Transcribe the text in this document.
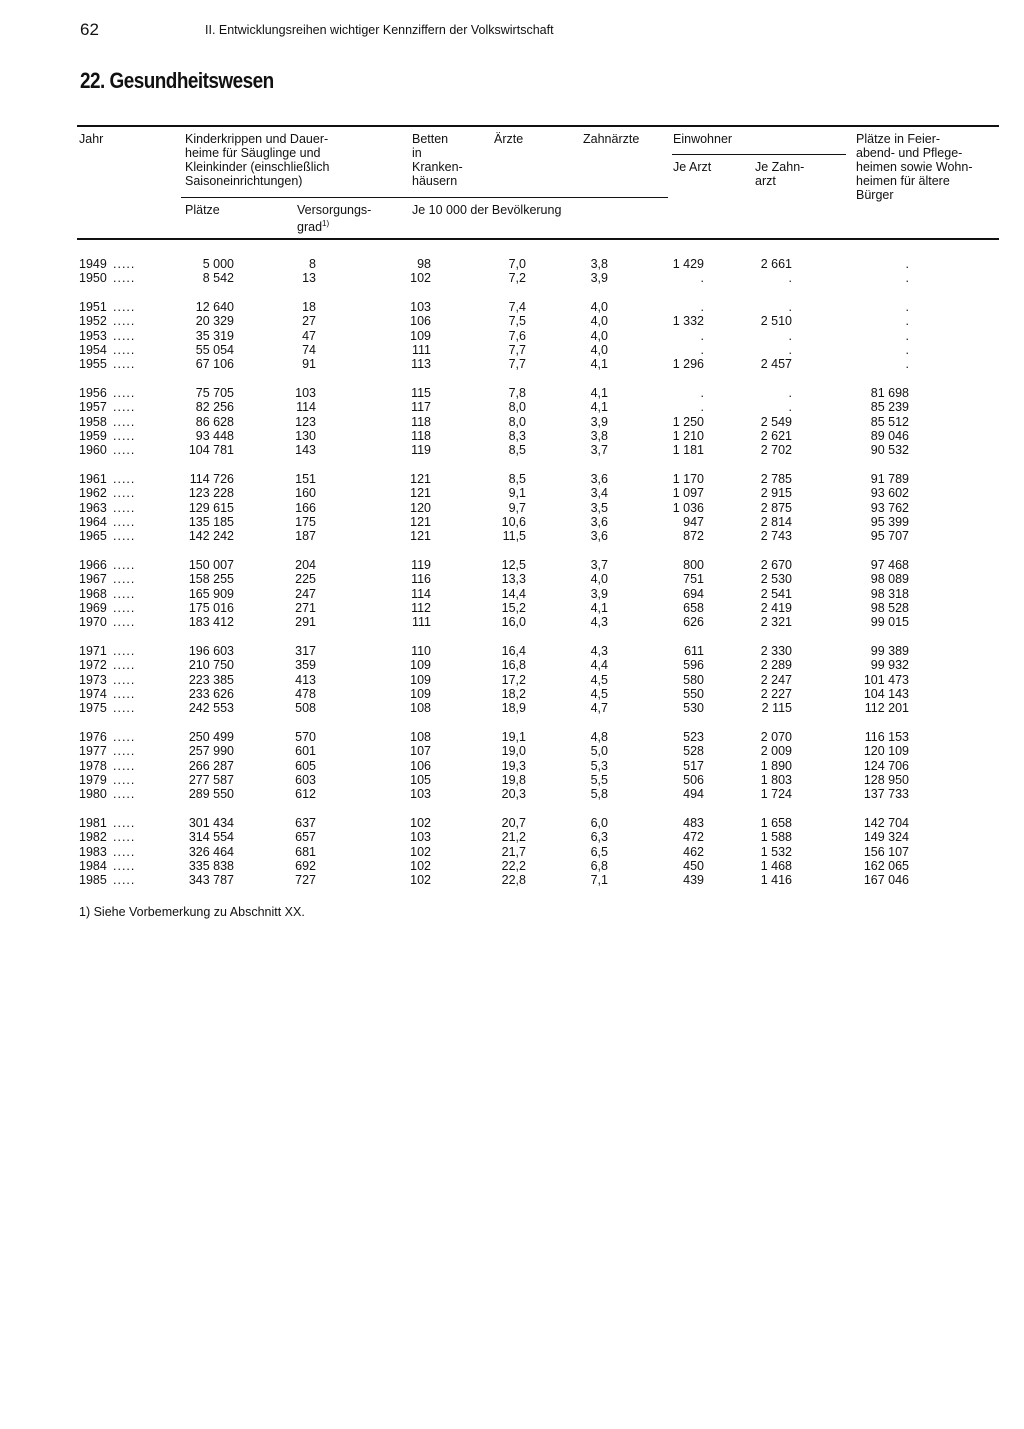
62	II. Entwicklungsreihen wichtiger Kennziffern der Volkswirtschaft
22. Gesundheitswesen
Jahr	Kinderkrippen und Dauer-
heime für Säuglinge und
Kleinkinder (einschließlich
Saisoneinrichtungen)
Plätze	Versorgungs-
grad$^{1)}$
Betten
in
Kranken-
häusern
Ärzte	Zahnärzte
Je 10 000 der Bevölkerung
Einwohner
Je Arzt	Je Zahn-
arzt
Plätze in Feier-
abend- und Pflege-
heimen sowie Wohn-
heimen für ältere
Bürger
1949 .....	5 000	8	98	7,0	3,8	1 429	2 661	.
1950 .....	8 542	13	102	7,2	3,9	.	.	.
1951 .....	12 640	18	103	7,4	4,0	.	.	.
1952 .....	20 329	27	106	7,5	4,0	1 332	2 510	.
1953 .....	35 319	47	109	7,6	4,0	.	.	.
1954 .....	55 054	74	111	7,7	4,0	.	.	.
1955 .....	67 106	91	113	7,7	4,1	1 296	2 457	.
1956 .....	75 705	103	115	7,8	4,1	.	.	81 698
1957 .....	82 256	114	117	8,0	4,1	.	.	85 239
1958 .....	86 628	123	118	8,0	3,9	1 250	2 549	85 512
1959 .....	93 448	130	118	8,3	3,8	1 210	2 621	89 046
1960 .....	104 781	143	119	8,5	3,7	1 181	2 702	90 532
1961 .....	114 726	151	121	8,5	3,6	1 170	2 785	91 789
1962 .....	123 228	160	121	9,1	3,4	1 097	2 915	93 602
1963 .....	129 615	166	120	9,7	3,5	1 036	2 875	93 762
1964 .....	135 185	175	121	10,6	3,6	947	2 814	95 399
1965 .....	142 242	187	121	11,5	3,6	872	2 743	95 707
1966 .....	150 007	204	119	12,5	3,7	800	2 670	97 468
1967 .....	158 255	225	116	13,3	4,0	751	2 530	98 089
1968 .....	165 909	247	114	14,4	3,9	694	2 541	98 318
1969 .....	175 016	271	112	15,2	4,1	658	2 419	98 528
1970 .....	183 412	291	111	16,0	4,3	626	2 321	99 015
1971 .....	196 603	317	110	16,4	4,3	611	2 330	99 389
1972 .....	210 750	359	109	16,8	4,4	596	2 289	99 932
1973 .....	223 385	413	109	17,2	4,5	580	2 247	101 473
1974 .....	233 626	478	109	18,2	4,5	550	2 227	104 143
1975 .....	242 553	508	108	18,9	4,7	530	2 115	112 201
1976 .....	250 499	570	108	19,1	4,8	523	2 070	116 153
1977 .....	257 990	601	107	19,0	5,0	528	2 009	120 109
1978 .....	266 287	605	106	19,3	5,3	517	1 890	124 706
1979 .....	277 587	603	105	19,8	5,5	506	1 803	128 950
1980 .....	289 550	612	103	20,3	5,8	494	1 724	137 733
1981 .....	301 434	637	102	20,7	6,0	483	1 658	142 704
1982 .....	314 554	657	103	21,2	6,3	472	1 588	149 324
1983 .....	326 464	681	102	21,7	6,5	462	1 532	156 107
1984 .....	335 838	692	102	22,2	6,8	450	1 468	162 065
1985 .....	343 787	727	102	22,8	7,1	439	1 416	167 046
1) Siehe Vorbemerkung zu Abschnitt XX.
